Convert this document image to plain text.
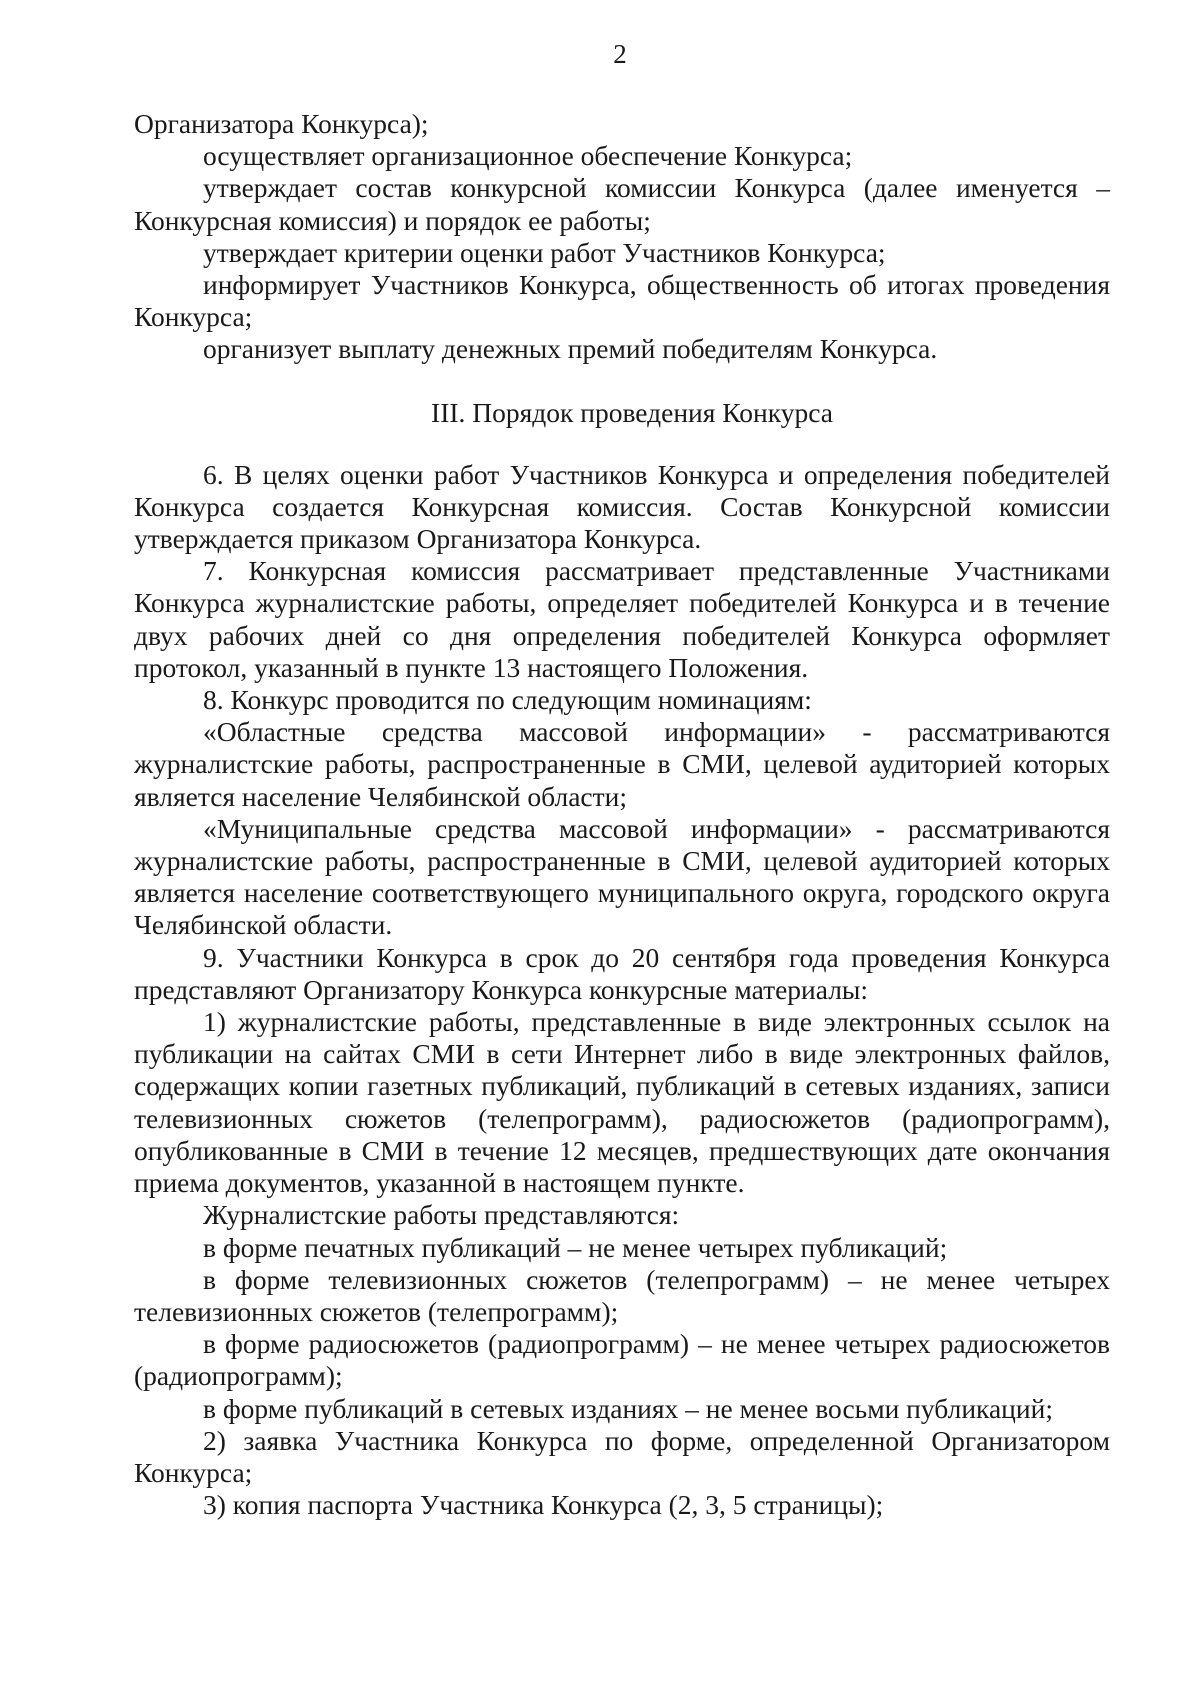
2

Организатора Конкурса);

осуществляет организационное обеспечение Конкурса;

утверждает состав конкурсной комиссии Конкурса (далее именуется – Конкурсная комиссия) и порядок ее работы;

утверждает критерии оценки работ Участников Конкурса;

информирует Участников Конкурса, общественность об итогах проведения Конкурса;

организует выплату денежных премий победителям Конкурса.

III. Порядок проведения Конкурса

6. В целях оценки работ Участников Конкурса и определения победителей Конкурса создается Конкурсная комиссия. Состав Конкурсной комиссии утверждается приказом Организатора Конкурса.

7. Конкурсная комиссия рассматривает представленные Участниками Конкурса журналистские работы, определяет победителей Конкурса и в течение двух рабочих дней со дня определения победителей Конкурса оформляет протокол, указанный в пункте 13 настоящего Положения.

8. Конкурс проводится по следующим номинациям:

«Областные средства массовой информации» - рассматриваются журналистские работы, распространенные в СМИ, целевой аудиторией которых является население Челябинской области;

«Муниципальные средства массовой информации» - рассматриваются журналистские работы, распространенные в СМИ, целевой аудиторией которых является население соответствующего муниципального округа, городского округа Челябинской области.

9. Участники Конкурса в срок до 20 сентября года проведения Конкурса представляют Организатору Конкурса конкурсные материалы:

1) журналистские работы, представленные в виде электронных ссылок на публикации на сайтах СМИ в сети Интернет либо в виде электронных файлов, содержащих копии газетных публикаций, публикаций в сетевых изданиях, записи телевизионных сюжетов (телепрограмм), радиосюжетов (радиопрограмм), опубликованные в СМИ в течение 12 месяцев, предшествующих дате окончания приема документов, указанной в настоящем пункте.

Журналистские работы представляются:

в форме печатных публикаций – не менее четырех публикаций;

в форме телевизионных сюжетов (телепрограмм) – не менее четырех телевизионных сюжетов (телепрограмм);

в форме радиосюжетов (радиопрограмм) – не менее четырех радиосюжетов (радиопрограмм);

в форме публикаций в сетевых изданиях – не менее восьми публикаций;

2) заявка Участника Конкурса по форме, определенной Организатором Конкурса;

3) копия паспорта Участника Конкурса (2, 3, 5 страницы);
